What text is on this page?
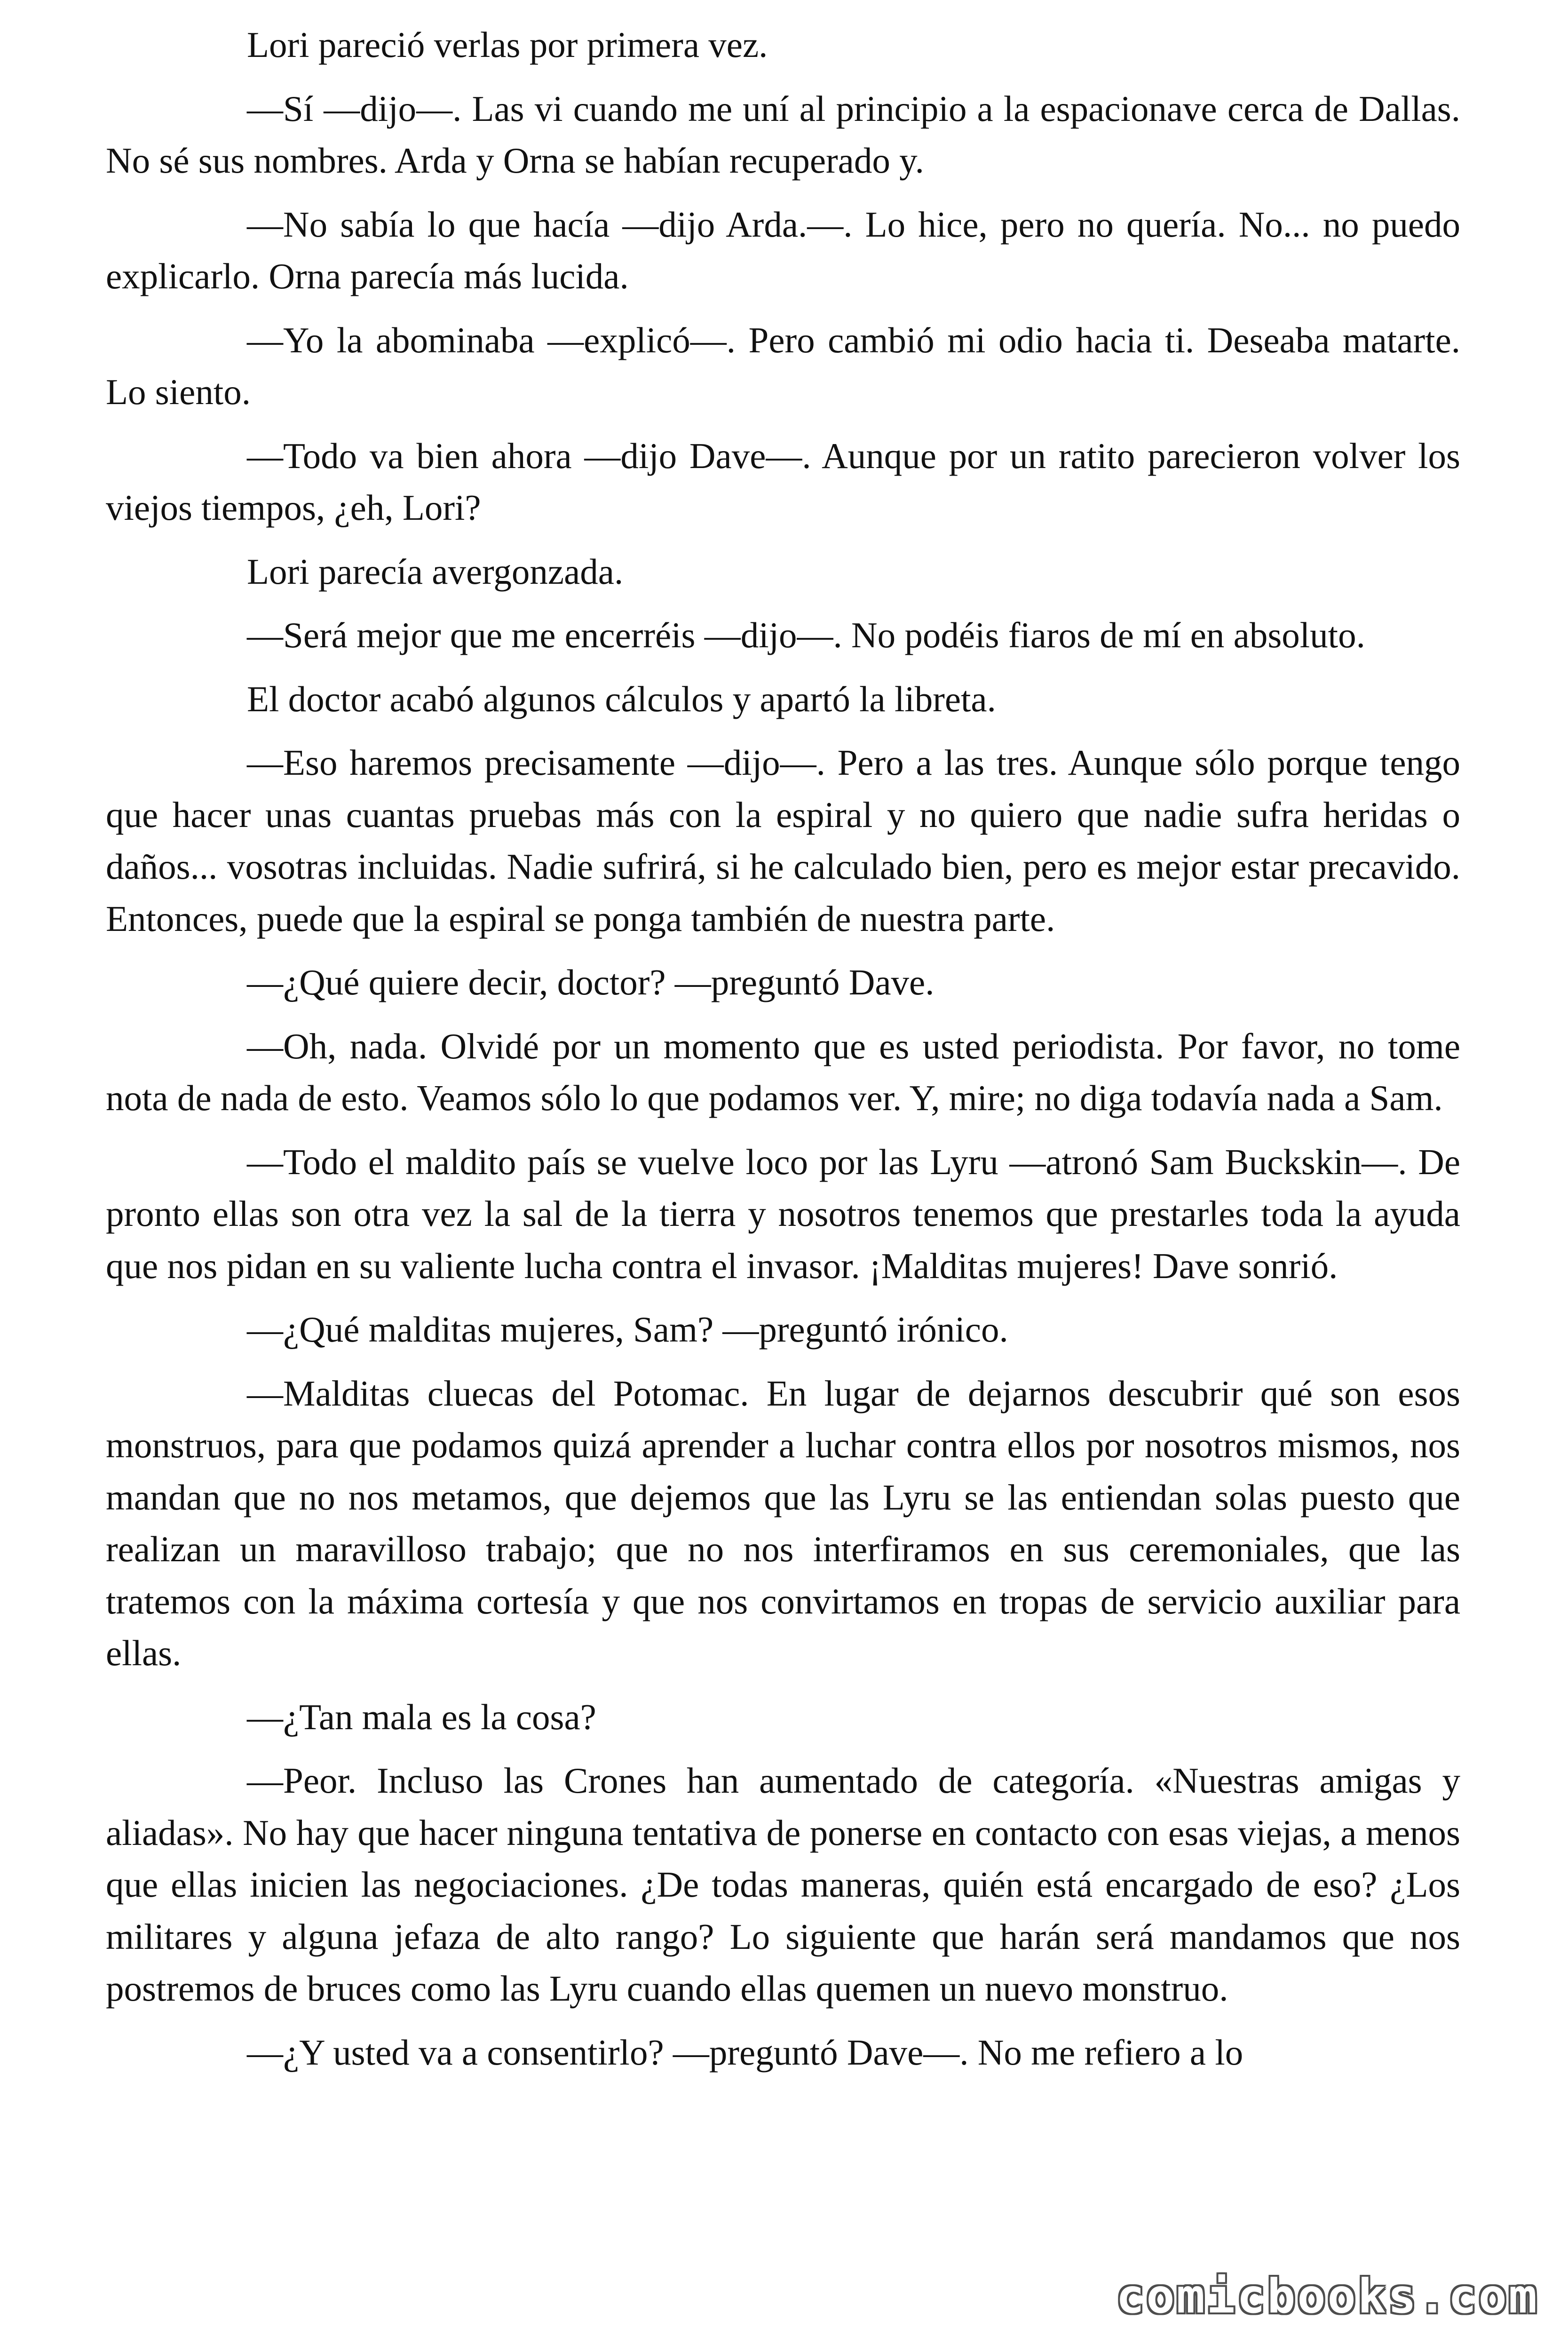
Lori pareció verlas por primera vez.

—Sí —dijo—. Las vi cuando me uní al principio a la espacionave cerca de Dallas. No sé sus nombres. Arda y Orna se habían recuperado y.

—No sabía lo que hacía —dijo Arda.—. Lo hice, pero no quería. No... no puedo explicarlo. Orna parecía más lucida.

—Yo la abominaba —explicó—. Pero cambió mi odio hacia ti. Deseaba matarte. Lo siento.

—Todo va bien ahora —dijo Dave—. Aunque por un ratito parecieron volver los viejos tiempos, ¿eh, Lori?

Lori parecía avergonzada.

—Será mejor que me encerréis —dijo—. No podéis fiaros de mí en absoluto.

El doctor acabó algunos cálculos y apartó la libreta.

—Eso haremos precisamente —dijo—. Pero a las tres. Aunque sólo porque tengo que hacer unas cuantas pruebas más con la espiral y no quiero que nadie sufra heridas o daños... vosotras incluidas. Nadie sufrirá, si he calculado bien, pero es mejor estar precavido. Entonces, puede que la espiral se ponga también de nuestra parte.

—¿Qué quiere decir, doctor? —preguntó Dave.

—Oh, nada. Olvidé por un momento que es usted periodista. Por favor, no tome nota de nada de esto. Veamos sólo lo que podamos ver. Y, mire; no diga todavía nada a Sam.

—Todo el maldito país se vuelve loco por las Lyru —atronó Sam Buckskin—. De pronto ellas son otra vez la sal de la tierra y nosotros tenemos que prestarles toda la ayuda que nos pidan en su valiente lucha contra el invasor. ¡Malditas mujeres! Dave sonrió.

—¿Qué malditas mujeres, Sam? —preguntó irónico.

—Malditas cluecas del Potomac. En lugar de dejarnos descubrir qué son esos monstruos, para que podamos quizá aprender a luchar contra ellos por nosotros mismos, nos mandan que no nos metamos, que dejemos que las Lyru se las entiendan solas puesto que realizan un maravilloso trabajo; que no nos interfiramos en sus ceremoniales, que las tratemos con la máxima cortesía y que nos convirtamos en tropas de servicio auxiliar para ellas.

—¿Tan mala es la cosa?

—Peor. Incluso las Crones han aumentado de categoría. «Nuestras amigas y aliadas». No hay que hacer ninguna tentativa de ponerse en contacto con esas viejas, a menos que ellas inicien las negociaciones. ¿De todas maneras, quién está encargado de eso? ¿Los militares y alguna jefaza de alto rango? Lo siguiente que harán será mandamos que nos postremos de bruces como las Lyru cuando ellas quemen un nuevo monstruo.

—¿Y usted va a consentirlo? —preguntó Dave—. No me refiero a lo

comicbooks.com
